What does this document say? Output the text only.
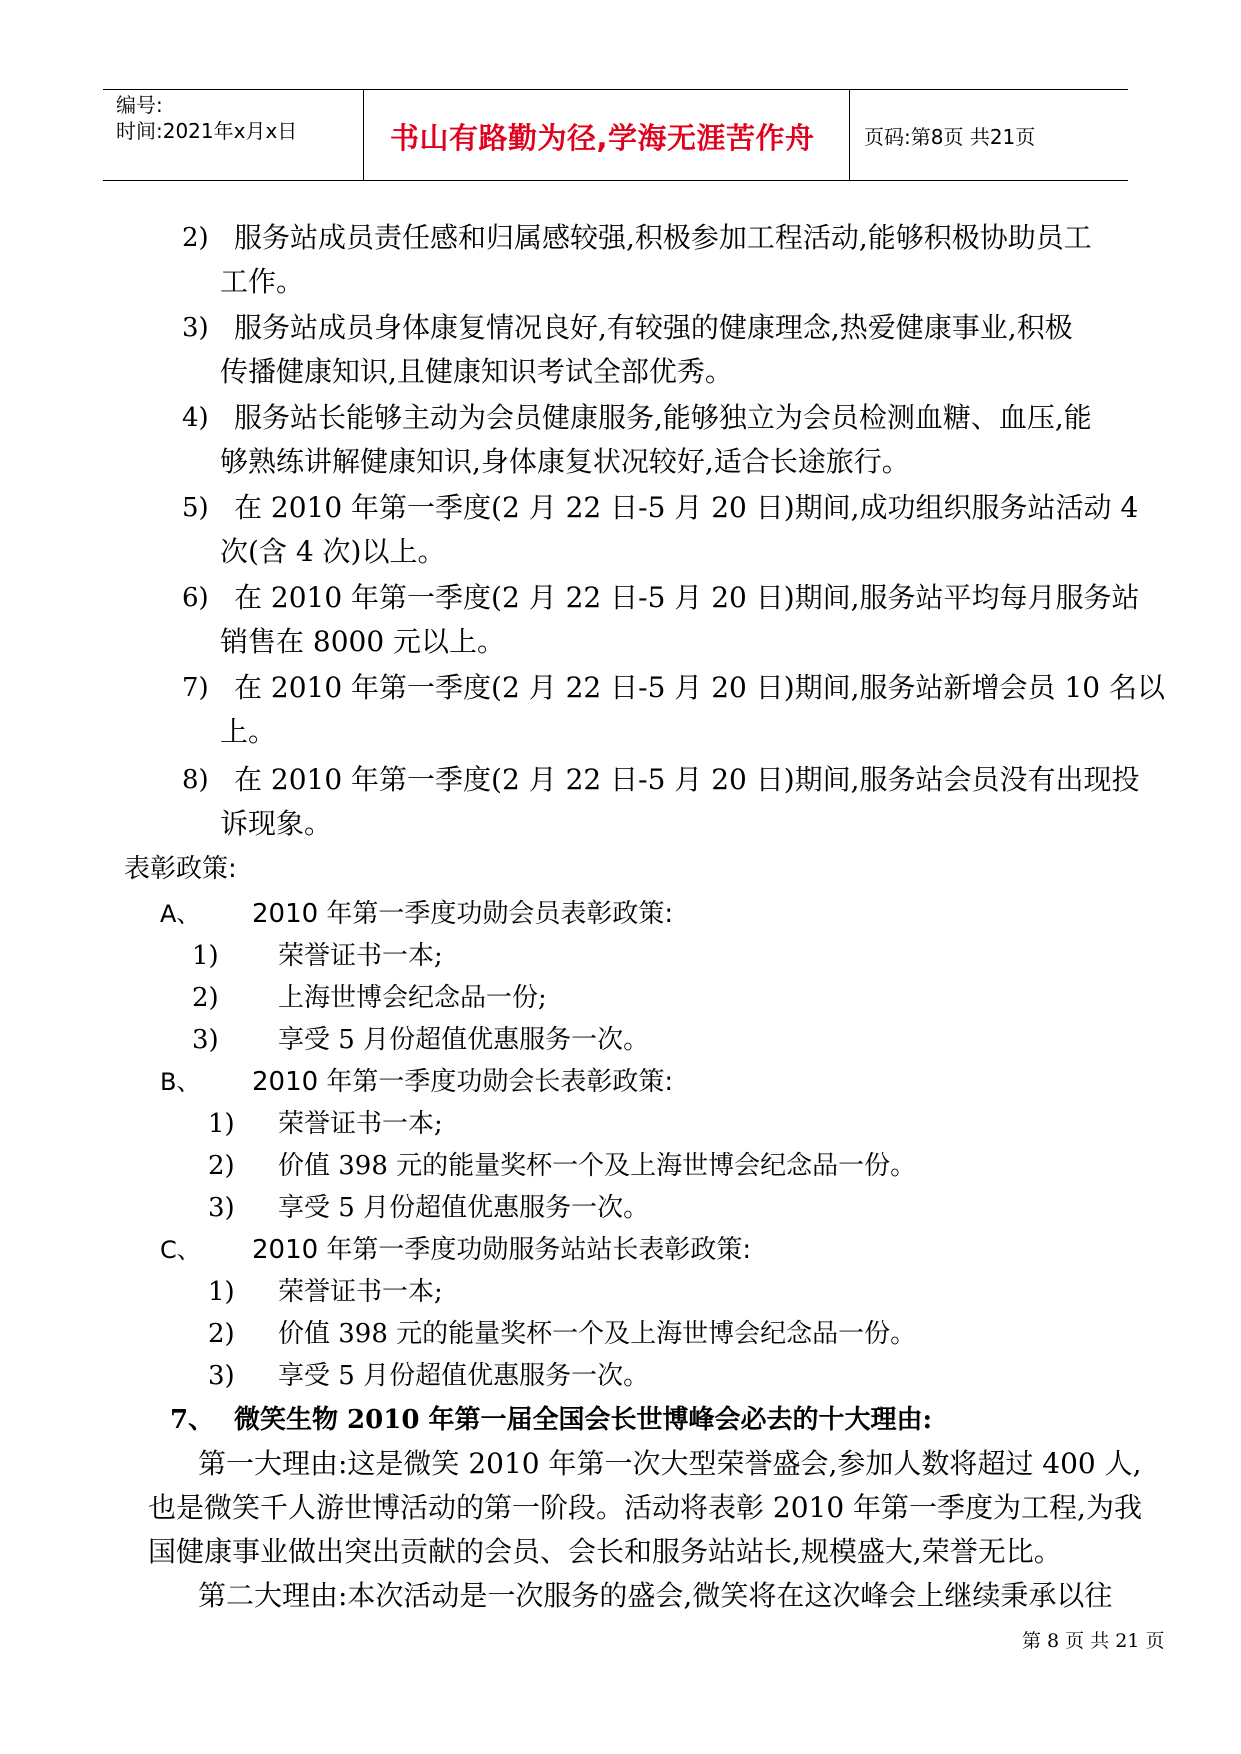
编号:
时间:2021年x月x日	书山有路勤为径,学海无涯苦作舟 页码:第8页 共21页
2) 服务站成员责任感和归属感较强,积极参加工程活动,能够积极协助员工
工作。
3) 服务站成员身体康复情况良好,有较强的健康理念,热爱健康事业,积极
传播健康知识,且健康知识考试全部优秀。
4) 服务站长能够主动为会员健康服务,能够独立为会员检测血糖、血压,能
够熟练讲解健康知识,身体康复状况较好,适合长途旅行。
5) 在 2010 年第一季度(2 月 22 日-5 月 20 日)期间,成功组织服务站活动 4
次(含 4 次)以上。
6) 在 2010 年第一季度(2 月 22 日-5 月 20 日)期间,服务站平均每月服务站
销售在 8000 元以上。
7) 在 2010 年第一季度(2 月 22 日-5 月 20 日)期间,服务站新增会员 10 名以
上。
8) 在 2010 年第一季度(2 月 22 日-5 月 20 日)期间,服务站会员没有出现投
诉现象。
表彰政策:
A、 2010 年第一季度功勋会员表彰政策:
1) 荣誉证书一本;
2) 上海世博会纪念品一份;
3) 享受 5 月份超值优惠服务一次。
B、 2010 年第一季度功勋会长表彰政策:
1) 荣誉证书一本;
2) 价值 398 元的能量奖杯一个及上海世博会纪念品一份。
3) 享受 5 月份超值优惠服务一次。
C、 2010 年第一季度功勋服务站站长表彰政策:
1) 荣誉证书一本;
2) 价值 398 元的能量奖杯一个及上海世博会纪念品一份。
3) 享受 5 月份超值优惠服务一次。
7、 微笑生物 2010 年第一届全国会长世博峰会必去的十大理由:
第一大理由:这是微笑 2010 年第一次大型荣誉盛会,参加人数将超过 400 人,
也是微笑千人游世博活动的第一阶段。活动将表彰 2010 年第一季度为工程,为我
国健康事业做出突出贡献的会员、会长和服务站站长,规模盛大,荣誉无比。
第二大理由:本次活动是一次服务的盛会,微笑将在这次峰会上继续秉承以往
第 8 页 共 21 页
